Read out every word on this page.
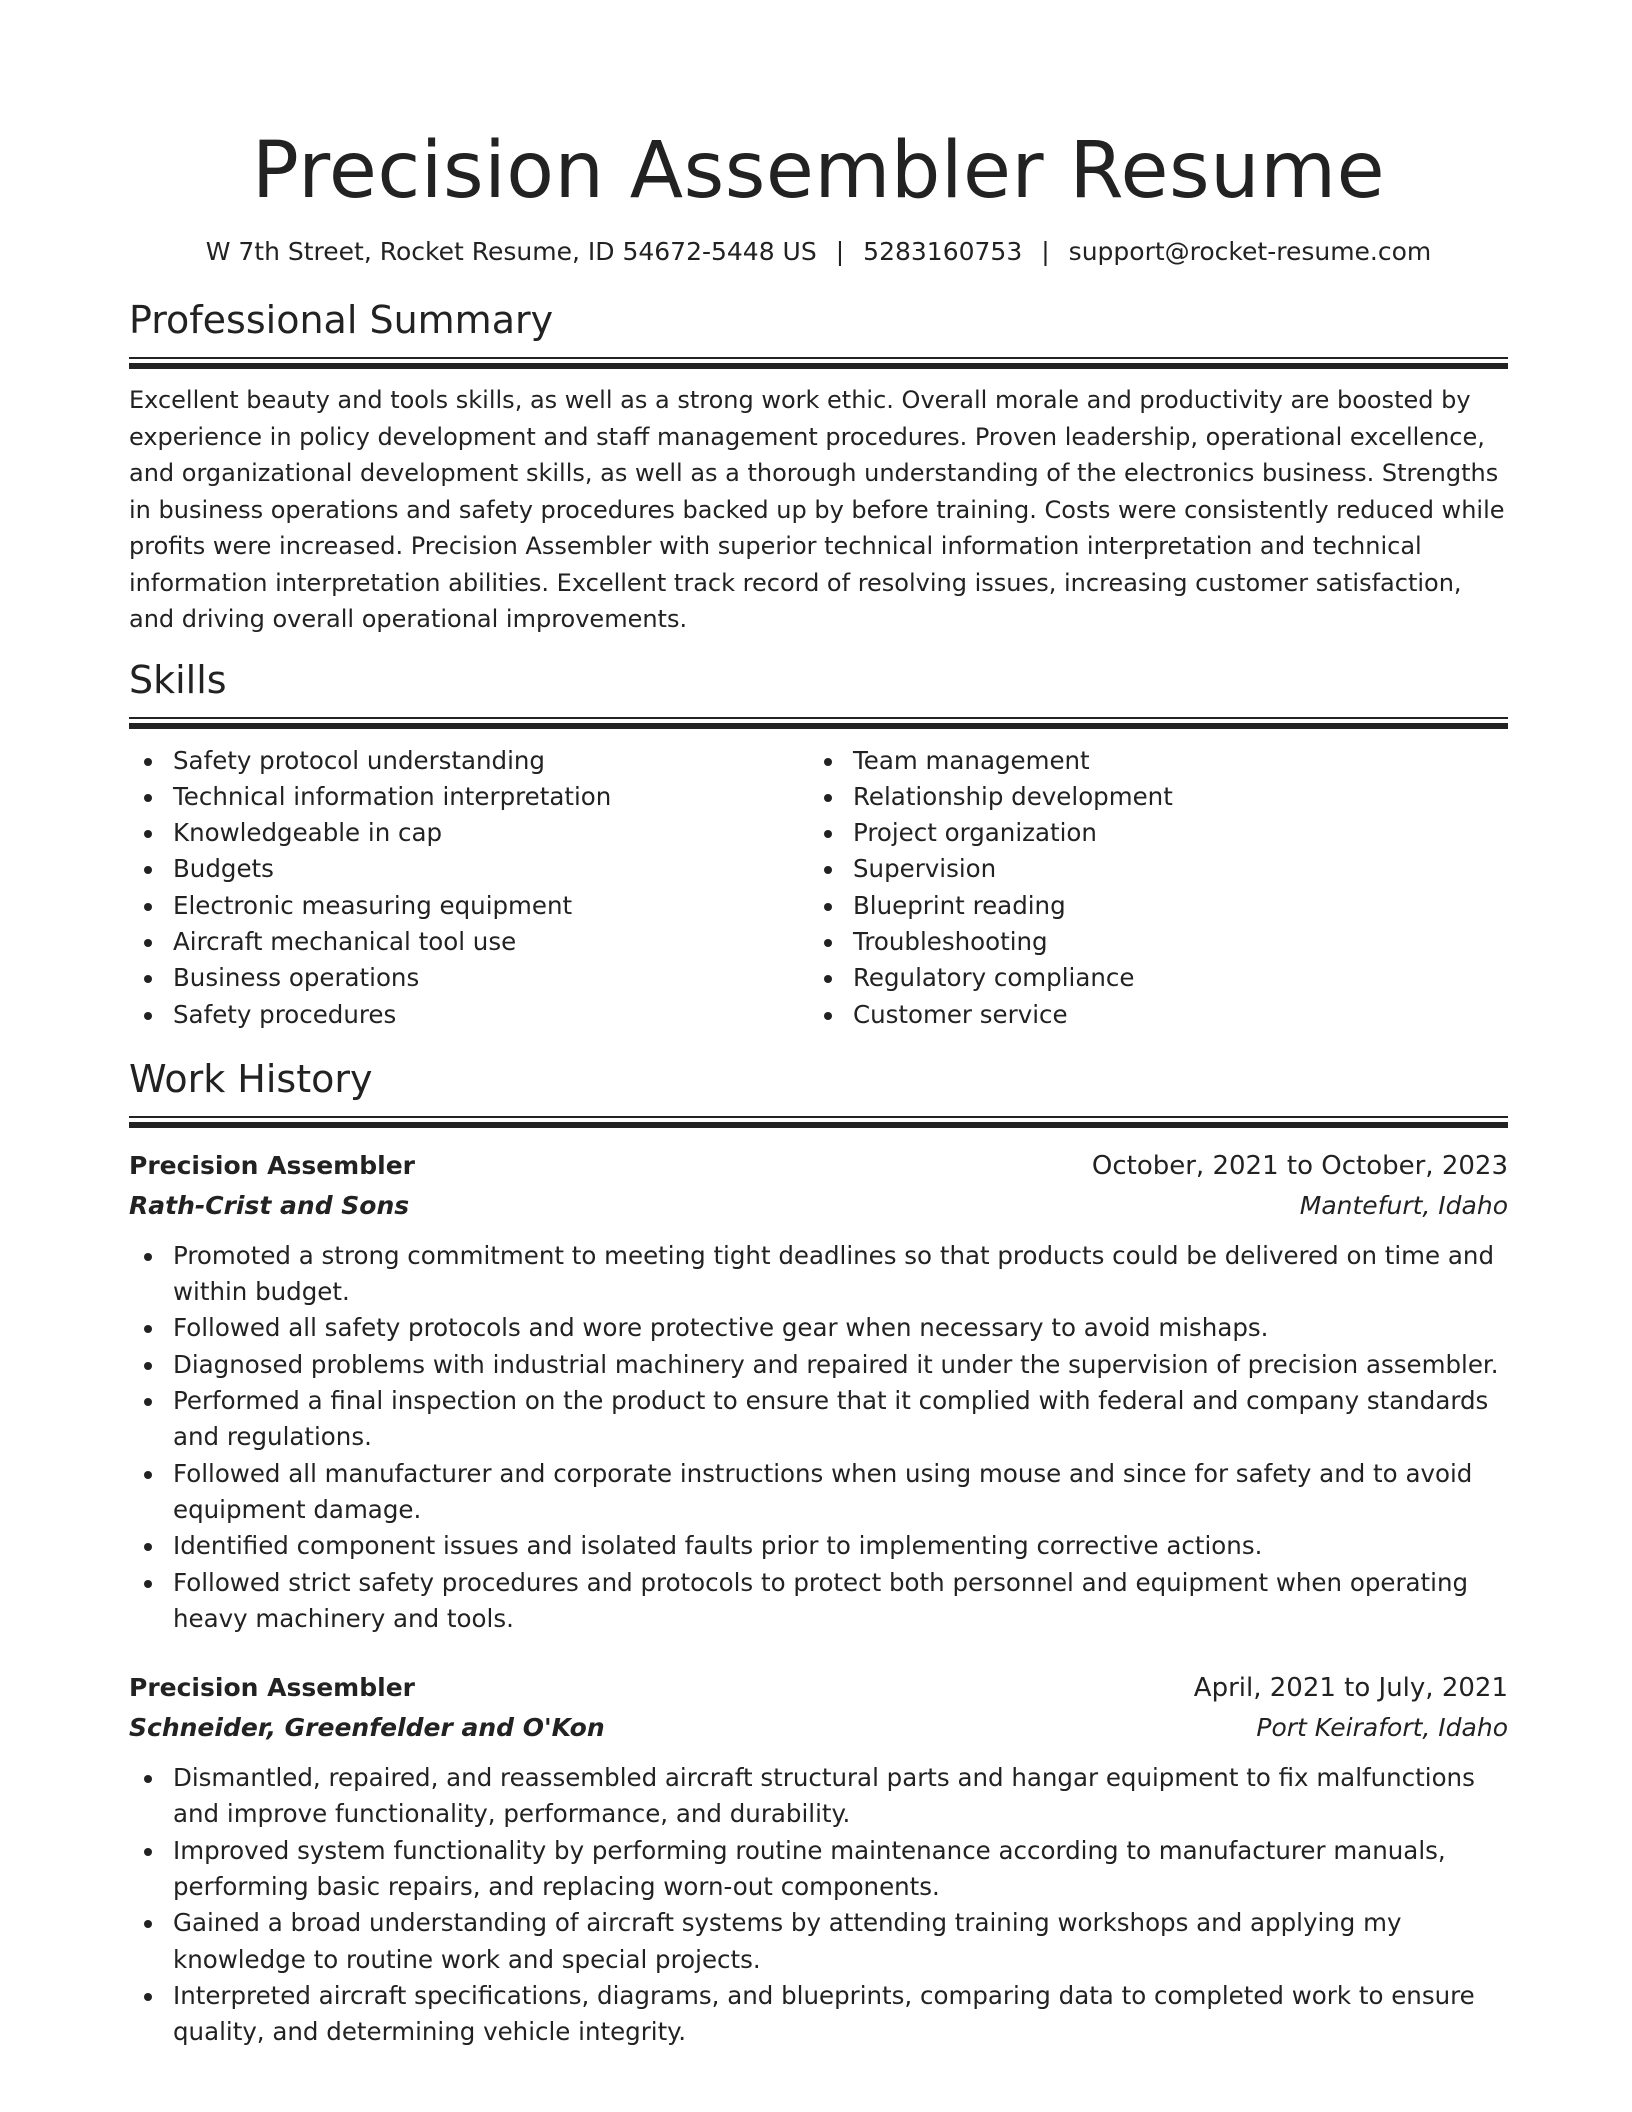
Precision Assembler Resume
W 7th Street, Rocket Resume, ID 54672-5448 US | 5283160753 | support@rocket-resume.com
Professional Summary

Excellent beauty and tools skills, as well as a strong work ethic. Overall morale and productivity are boosted by experience in policy development and staff management procedures. Proven leadership, operational excellence, and organizational development skills, as well as a thorough understanding of the electronics business. Strengths in business operations and safety procedures backed up by before training. Costs were consistently reduced while profits were increased. Precision Assembler with superior technical information interpretation and technical information interpretation abilities. Excellent track record of resolving issues, increasing customer satisfaction, and driving overall operational improvements.

Skills
Safety protocol understanding
Technical information interpretation
Knowledgeable in cap
Budgets
Electronic measuring equipment
Aircraft mechanical tool use
Business operations
Safety procedures
Team management
Relationship development
Project organization
Supervision
Blueprint reading
Troubleshooting
Regulatory compliance
Customer service
Work History
Precision Assembler	October, 2021 to October, 2023
Rath-Crist and Sons	Mantefurt, Idaho
Promoted a strong commitment to meeting tight deadlines so that products could be delivered on time and within budget.
Followed all safety protocols and wore protective gear when necessary to avoid mishaps.
Diagnosed problems with industrial machinery and repaired it under the supervision of precision assembler.
Performed a final inspection on the product to ensure that it complied with federal and company standards and regulations.
Followed all manufacturer and corporate instructions when using mouse and since for safety and to avoid equipment damage.
Identified component issues and isolated faults prior to implementing corrective actions.
Followed strict safety procedures and protocols to protect both personnel and equipment when operating heavy machinery and tools.
Precision Assembler	April, 2021 to July, 2021
Schneider, Greenfelder and O'Kon	Port Keirafort, Idaho
Dismantled, repaired, and reassembled aircraft structural parts and hangar equipment to fix malfunctions and improve functionality, performance, and durability.
Improved system functionality by performing routine maintenance according to manufacturer manuals, performing basic repairs, and replacing worn-out components.
Gained a broad understanding of aircraft systems by attending training workshops and applying my knowledge to routine work and special projects.
Interpreted aircraft specifications, diagrams, and blueprints, comparing data to completed work to ensure quality, and determining vehicle integrity.
